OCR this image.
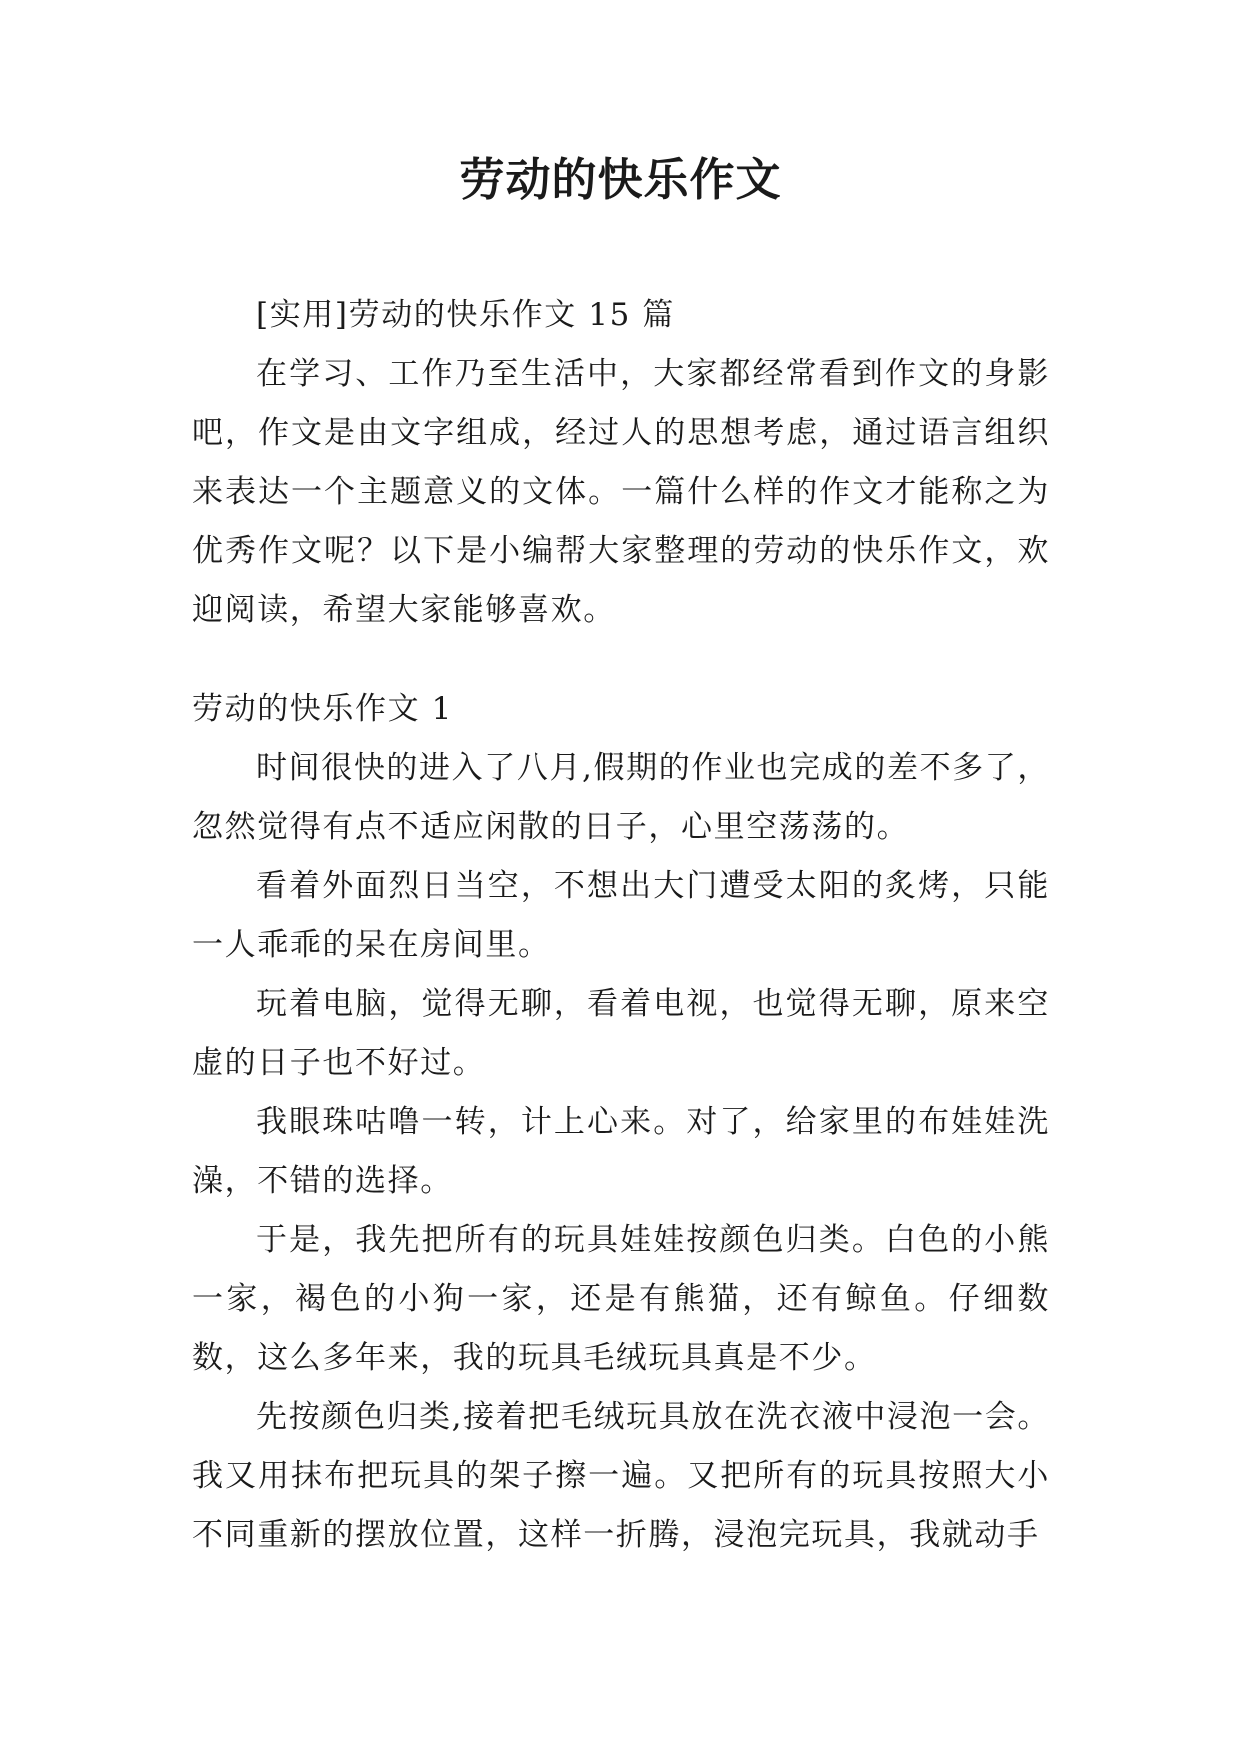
劳动的快乐作文

[实用]劳动的快乐作文 15 篇

在学习、工作乃至生活中，大家都经常看到作文的身影吧，作文是由文字组成，经过人的思想考虑，通过语言组织来表达一个主题意义的文体。一篇什么样的作文才能称之为优秀作文呢？以下是小编帮大家整理的劳动的快乐作文，欢迎阅读，希望大家能够喜欢。

劳动的快乐作文 1

时间很快的进入了八月,假期的作业也完成的差不多了，忽然觉得有点不适应闲散的日子，心里空荡荡的。

看着外面烈日当空，不想出大门遭受太阳的炙烤，只能一人乖乖的呆在房间里。

玩着电脑，觉得无聊，看着电视，也觉得无聊，原来空虚的日子也不好过。

我眼珠咕噜一转，计上心来。对了，给家里的布娃娃洗澡，不错的选择。

于是，我先把所有的玩具娃娃按颜色归类。白色的小熊一家，褐色的小狗一家，还是有熊猫，还有鲸鱼。仔细数数，这么多年来，我的玩具毛绒玩具真是不少。

先按颜色归类,接着把毛绒玩具放在洗衣液中浸泡一会。我又用抹布把玩具的架子擦一遍。又把所有的玩具按照大小不同重新的摆放位置，这样一折腾，浸泡完玩具，我就动手
